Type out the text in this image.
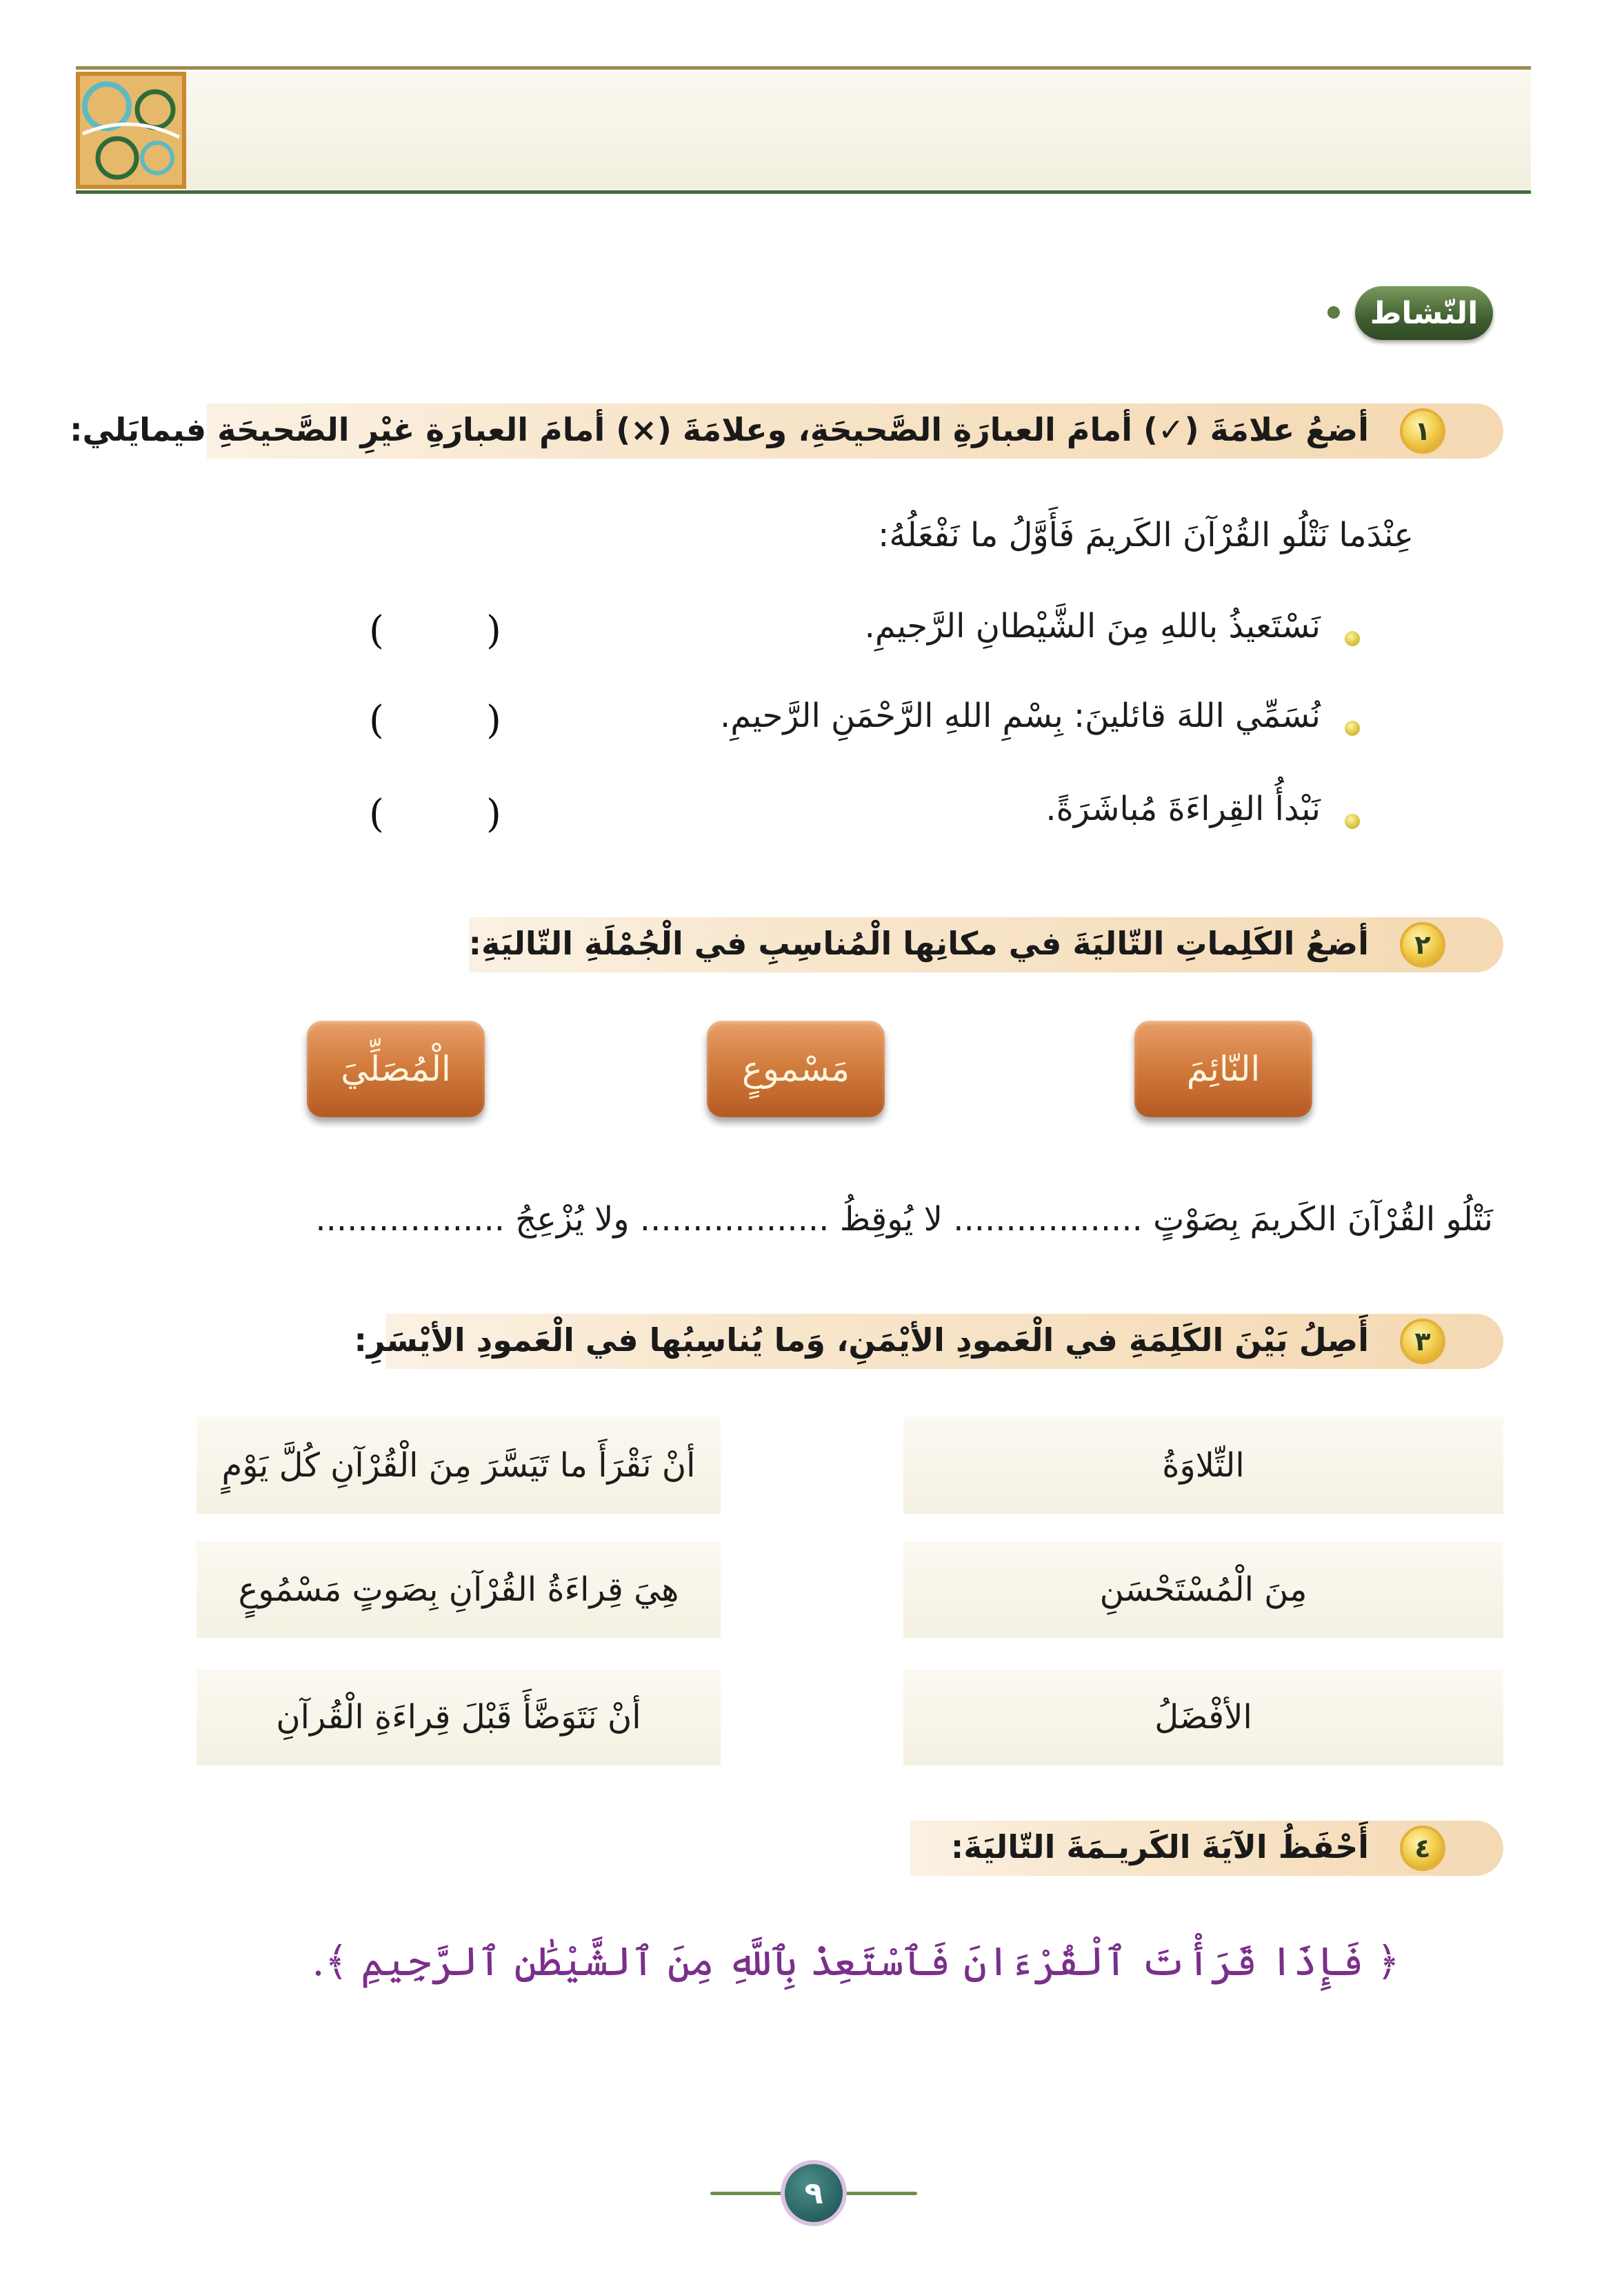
النّشاط
١
أضعُ علامَةَ (✓) أمامَ العبارَةِ الصَّحيحَةِ، وعلامَةَ (×) أمامَ العبارَةِ غيْرِ الصَّحيحَةِ فيمايَلي:
عِنْدَما نَتْلُو القُرْآنَ الكَريمَ فَأَوَّلُ ما نَفْعَلُهُ:
نَسْتَعيذُ باللهِ مِنَ الشَّيْطانِ الرَّجيمِ.
(
)
نُسَمِّي اللهَ قائلينَ: بِسْمِ اللهِ الرَّحْمَنِ الرَّحيمِ.
(
)
نَبْدأُ القِراءَةَ مُباشَرَةً.
(
)
٢
أضعُ الكَلِماتِ التّاليَةَ في مكانِها الْمُناسِبِ في الْجُمْلَةِ التّاليَةِ:
النّائِمَ
مَسْموعٍ
الْمُصَلِّيَ
نَتْلُو القُرْآنَ الكَريمَ بِصَوْتٍ .................. لا يُوقِظُ .................. ولا يُزْعِجُ ..................
٣
أَصِلُ بَيْنَ الكَلِمَةِ في الْعَمودِ الأيْمَنِ، وَما يُناسِبُها في الْعَمودِ الأيْسَرِ:
التِّلاوَةُ
أنْ نَقْرَأَ ما تَيَسَّرَ مِنَ الْقُرْآنِ كُلَّ يَوْمٍ
مِنَ الْمُسْتَحْسَنِ
هِيَ قِراءَةُ القُرْآنِ بِصَوتٍ مَسْمُوعٍ
الأفْضَلُ
أنْ نَتَوَضَّأَ قَبْلَ قِراءَةِ الْقُرآنِ
٤
أَحْفَظُ الآيَةَ الكَريـمَةَ التّاليَةَ:
﴿ فَإِذَا قَرَأْتَ ٱلْقُرْءَانَ فَٱسْتَعِذْ بِٱللَّهِ مِنَ ٱلشَّيْطَٰنِ ٱلرَّجِيمِ ﴾.
٩
